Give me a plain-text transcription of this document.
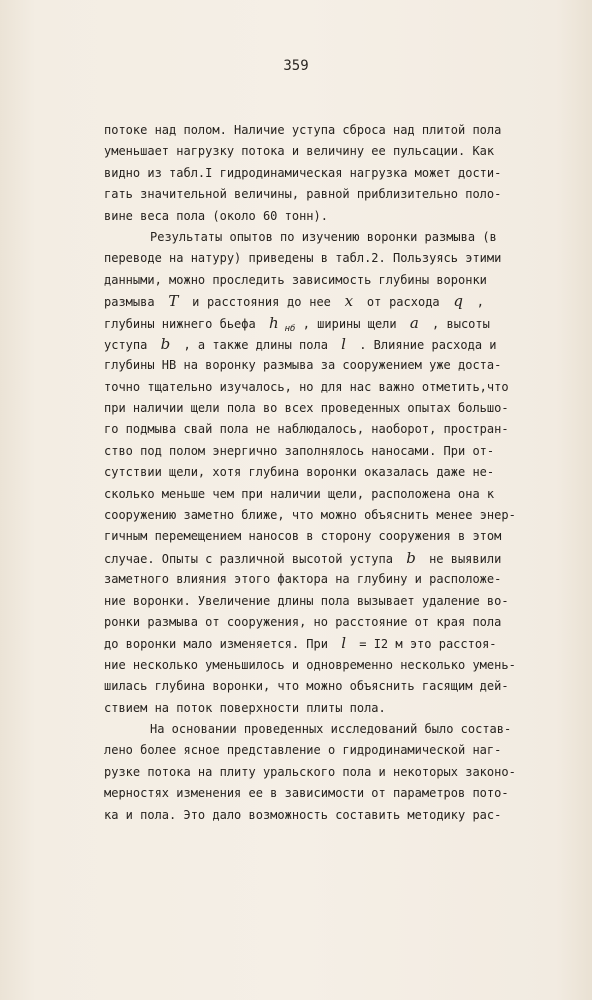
359
потоке над полом. Наличие уступа сброса над плитой пола
уменьшает нагрузку потока и величину ее пульсации. Как
видно из табл.I гидродинамическая нагрузка может дости-
гать значительной величины, равной приблизительно поло-
вине веса пола (около 60 тонн).
Результаты опытов по изучению воронки размыва (в
переводе на натуру) приведены в табл.2. Пользуясь этими
данными, можно проследить зависимость глубины воронки
размыва T и расстояния до нее x от расхода q ,
глубины нижнего бьефа h $_{нб}$ , ширины щели a , высоты
уступа b , а также длины пола l . Влияние расхода и
глубины НВ на воронку размыва за сооружением уже доста-
точно тщательно изучалось, но для нас важно отметить,что
при наличии щели пола во всех проведенных опытах большо-
го подмыва свай пола не наблюдалось, наоборот, простран-
ство под полом энергично заполнялось наносами. При от-
сутствии щели, хотя глубина воронки оказалась даже не-
сколько меньше чем при наличии щели, расположена она к
сооружению заметно ближе, что можно объяснить менее энер-
гичным перемещением наносов в сторону сооружения в этом
случае. Опыты с различной высотой уступа b не выявили
заметного влияния этого фактора на глубину и расположе-
ние воронки. Увеличение длины пола вызывает удаление во-
ронки размыва от сооружения, но расстояние от края пола
до воронки мало изменяется. При l = I2 м это расстоя-
ние несколько уменьшилось и одновременно несколько умень-
шилась глубина воронки, что можно объяснить гасящим дей-
ствием на поток поверхности плиты пола.
На основании проведенных исследований было состав-
лено более ясное представление о гидродинамической наг-
рузке потока на плиту уральского пола и некоторых законо-
мерностях изменения ее в зависимости от параметров пото-
ка и пола. Это дало возможность составить методику рас-
